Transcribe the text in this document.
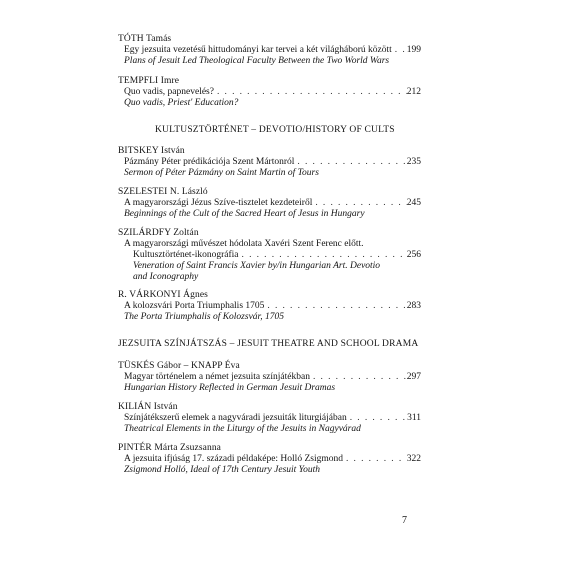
TÓTH Tamás
Egy jezsuita vezetésű hittudományi kar tervei a két világháború között . . . 199
Plans of Jesuit Led Theological Faculty Between the Two World Wars
TEMPFLI Imre
Quo vadis, papnevelés? . . .	212
Quo vadis, Priest' Education?
KULTUSZTÖRTÉNET – DEVOTIO/HISTORY OF CULTS
BITSKEY István
Pázmány Péter prédikációja Szent Mártonról . . .	235
Sermon of Péter Pázmány on Saint Martin of Tours
SZELESTEI N. László
A magyarországi Jézus Szíve-tisztelet kezdeteiről . . .	245
Beginnings of the Cult of the Sacred Heart of Jesus in Hungary
SZILÁRDFY Zoltán
A magyarországi művészet hódolata Xavéri Szent Ferenc előtt.
Kultusztörténet-ikonográfia . . .	256
Veneration of Saint Francis Xavier by/in Hungarian Art. Devotio
and Iconography
R. VÁRKONYI Ágnes
A kolozsvári Porta Triumphalis 1705 . . .	283
The Porta Triumphalis of Kolozsvár, 1705
JEZSUITA SZÍNJÁTSZÁS – JESUIT THEATRE AND SCHOOL DRAMA
TÜSKÉS Gábor – KNAPP Éva
Magyar történelem a német jezsuita színjátékban . . .	297
Hungarian History Reflected in German Jesuit Dramas
KILIÁN István
Színjátékszerű elemek a nagyváradi jezsuiták liturgiájában . . .	311
Theatrical Elements in the Liturgy of the Jesuits in Nagyvárad
PINTÉR Márta Zsuzsanna
A jezsuita ifjúság 17. századi példaképe: Holló Zsigmond . . .	322
Zsigmond Holló, Ideal of 17th Century Jesuit Youth
7
